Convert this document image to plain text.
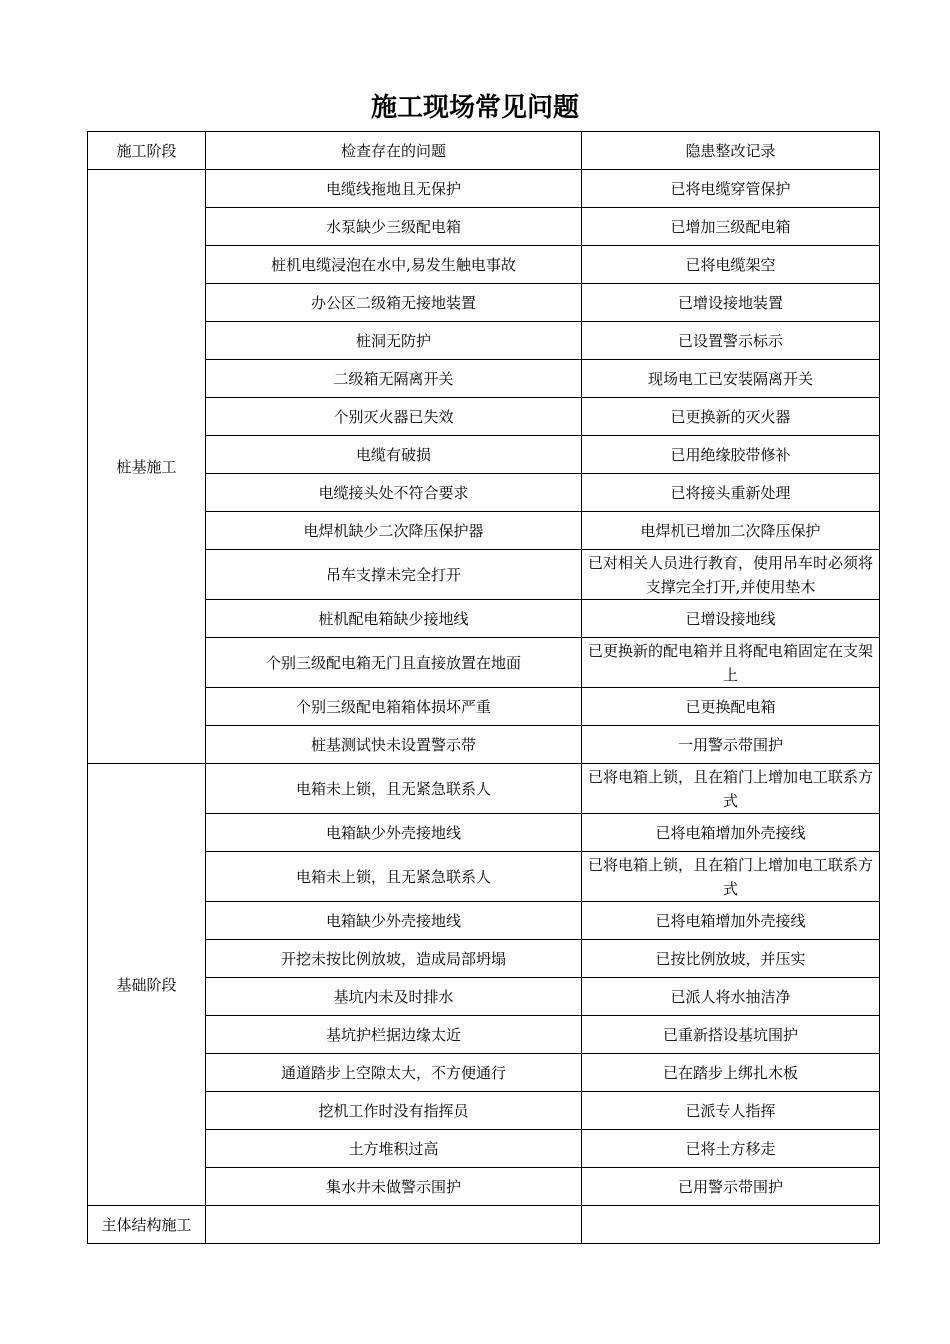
施工现场常见问题
施工阶段	检查存在的问题	隐患整改记录
桩基施工	电缆线拖地且无保护	已将电缆穿管保护
	水泵缺少三级配电箱	已增加三级配电箱
	桩机电缆浸泡在水中,易发生触电事故	已将电缆架空
	办公区二级箱无接地装置	已增设接地装置
	桩洞无防护	已设置警示标示
	二级箱无隔离开关	现场电工已安装隔离开关
	个别灭火器已失效	已更换新的灭火器
	电缆有破损	已用绝缘胶带修补
	电缆接头处不符合要求	已将接头重新处理
	电焊机缺少二次降压保护器	电焊机已增加二次降压保护
	吊车支撑未完全打开	已对相关人员进行教育，使用吊车时必须将支撑完全打开,并使用垫木
	桩机配电箱缺少接地线	已增设接地线
	个别三级配电箱无门且直接放置在地面	已更换新的配电箱并且将配电箱固定在支架上
	个别三级配电箱箱体损坏严重	已更换配电箱
	桩基测试快未设置警示带	一用警示带围护
基础阶段	电箱未上锁，且无紧急联系人	已将电箱上锁，且在箱门上增加电工联系方式
	电箱缺少外壳接地线	已将电箱增加外壳接线
	电箱未上锁，且无紧急联系人	已将电箱上锁，且在箱门上增加电工联系方式
	电箱缺少外壳接地线	已将电箱增加外壳接线
	开挖未按比例放坡，造成局部坍塌	已按比例放坡，并压实
	基坑内未及时排水	已派人将水抽洁净
	基坑护栏据边缘太近	已重新搭设基坑围护
	通道踏步上空隙太大，不方便通行	已在踏步上绑扎木板
	挖机工作时没有指挥员	已派专人指挥
	土方堆积过高	已将土方移走
	集水井未做警示围护	已用警示带围护
主体结构施工		
